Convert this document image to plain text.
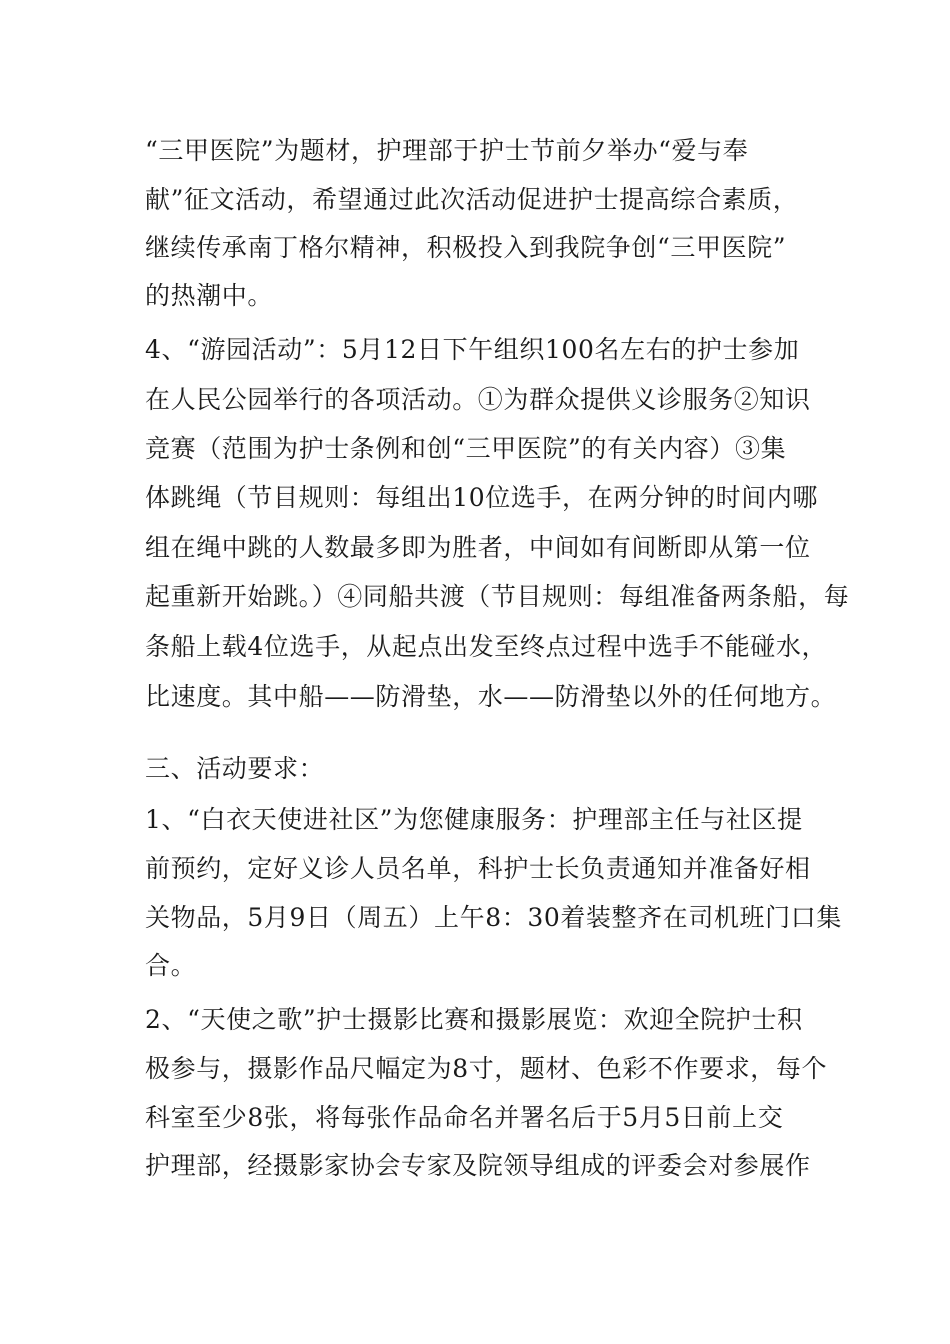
“三甲医院”为题材，护理部于护士节前夕举办“爱与奉
献”征文活动，希望通过此次活动促进护士提高综合素质，
继续传承南丁格尔精神，积极投入到我院争创“三甲医院”
的热潮中。
4、“游园活动”：5月12日下午组织100名左右的护士参加
在人民公园举行的各项活动。①为群众提供义诊服务②知识
竞赛（范围为护士条例和创“三甲医院”的有关内容）③集
体跳绳（节目规则：每组出10位选手，在两分钟的时间内哪
组在绳中跳的人数最多即为胜者，中间如有间断即从第一位
起重新开始跳。）④同船共渡（节目规则：每组准备两条船，每
条船上载4位选手，从起点出发至终点过程中选手不能碰水，
比速度。其中船——防滑垫，水——防滑垫以外的任何地方。
三、活动要求：
1、“白衣天使进社区”为您健康服务：护理部主任与社区提
前预约，定好义诊人员名单，科护士长负责通知并准备好相
关物品，5月9日（周五）上午8：30着装整齐在司机班门口集
合。
2、“天使之歌”护士摄影比赛和摄影展览：欢迎全院护士积
极参与，摄影作品尺幅定为8寸，题材、色彩不作要求，每个
科室至少8张，将每张作品命名并署名后于5月5日前上交
护理部，经摄影家协会专家及院领导组成的评委会对参展作
